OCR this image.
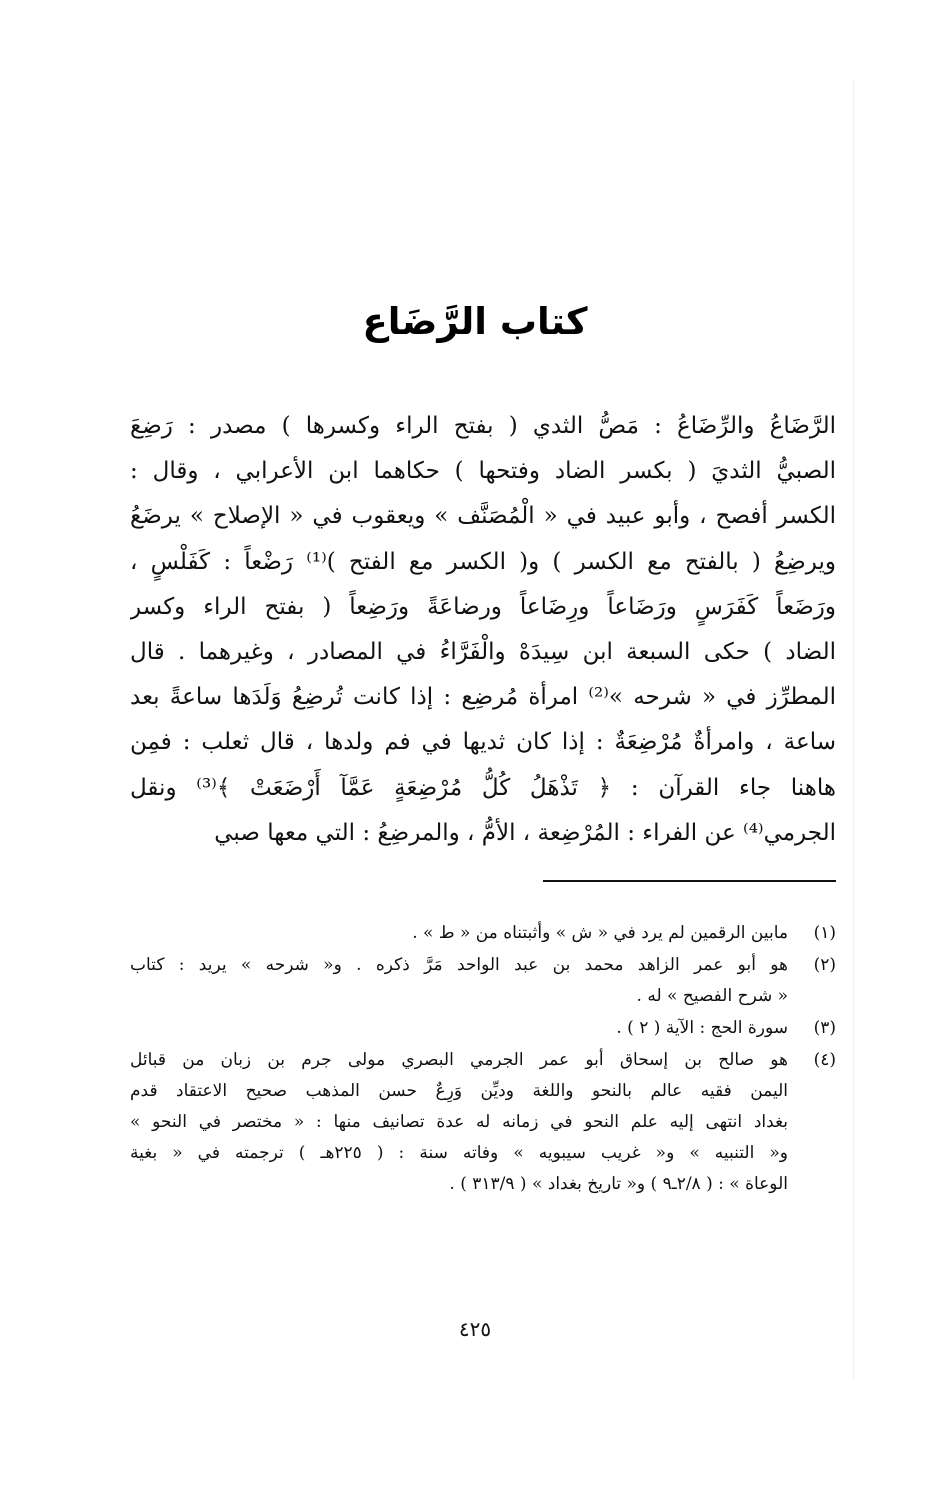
كتاب الرَّضَاع
الرَّضَاعُ والرِّضَاعُ : مَصُّ الثدي ( بفتح الراء وكسرها ) مصدر : رَضِعَ
الصبيُّ الثديَ ( بكسر الضاد وفتحها ) حكاهما ابن الأعرابي ، وقال :
الكسر أفصح ، وأبو عبيد في « الْمُصَنَّف » ويعقوب في « الإصلاح » يرضَعُ
ويرضِعُ ( بالفتح مع الكسر ) و( الكسر مع الفتح )⁽¹⁾ رَضْعاً : كَفَلْسٍ ،
ورَضَعاً كَفَرَسٍ ورَضَاعاً ورِضَاعاً ورضاعَةً ورَضِعاً ( بفتح الراء وكسر
الضاد ) حكى السبعة ابن سِيدَهْ والْفَرَّاءُ في المصادر ، وغيرهما . قال
المطرِّز في « شرحه »⁽²⁾ امرأة مُرضِع : إذا كانت تُرضِعُ وَلَدَها ساعةً بعد
ساعة ، وامرأةٌ مُرْضِعَةٌ : إذا كان ثديها في فم ولدها ، قال ثعلب : فمِن
هاهنا جاء القرآن : ﴿ تَذْهَلُ كُلُّ مُرْضِعَةٍ عَمَّآ أَرْضَعَتْ ﴾⁽³⁾ ونقل
الجرمي⁽⁴⁾ عن الفراء : المُرْضِعة ، الأمُّ ، والمرضِعُ : التي معها صبي
(١)
مابين الرقمين لم يرد في « ش » وأثبتناه من « ط » .
(٢)
هو أبو عمر الزاهد محمد بن عبد الواحد مَرَّ ذكره . و« شرحه » يريد : كتاب
« شرح الفصيح » له .
(٣)
سورة الحج : الآية ( ٢ ) .
(٤)
هو صالح بن إسحاق أبو عمر الجرمي البصري مولى جرم بن زبان من قبائل
اليمن فقيه عالم بالنحو واللغة وديِّن وَرِعٌ حسن المذهب صحيح الاعتقاد قدم
بغداد انتهى إليه علم النحو في زمانه له عدة تصانيف منها : « مختصر في النحو »
و« التنبيه » و« غريب سيبويه » وفاته سنة : ( ٢٢٥هـ ) ترجمته في « بغية
الوعاة » : ( ٢/٨ـ٩ ) و« تاريخ بغداد » ( ٣١٣/٩ ) .
٤٢٥
